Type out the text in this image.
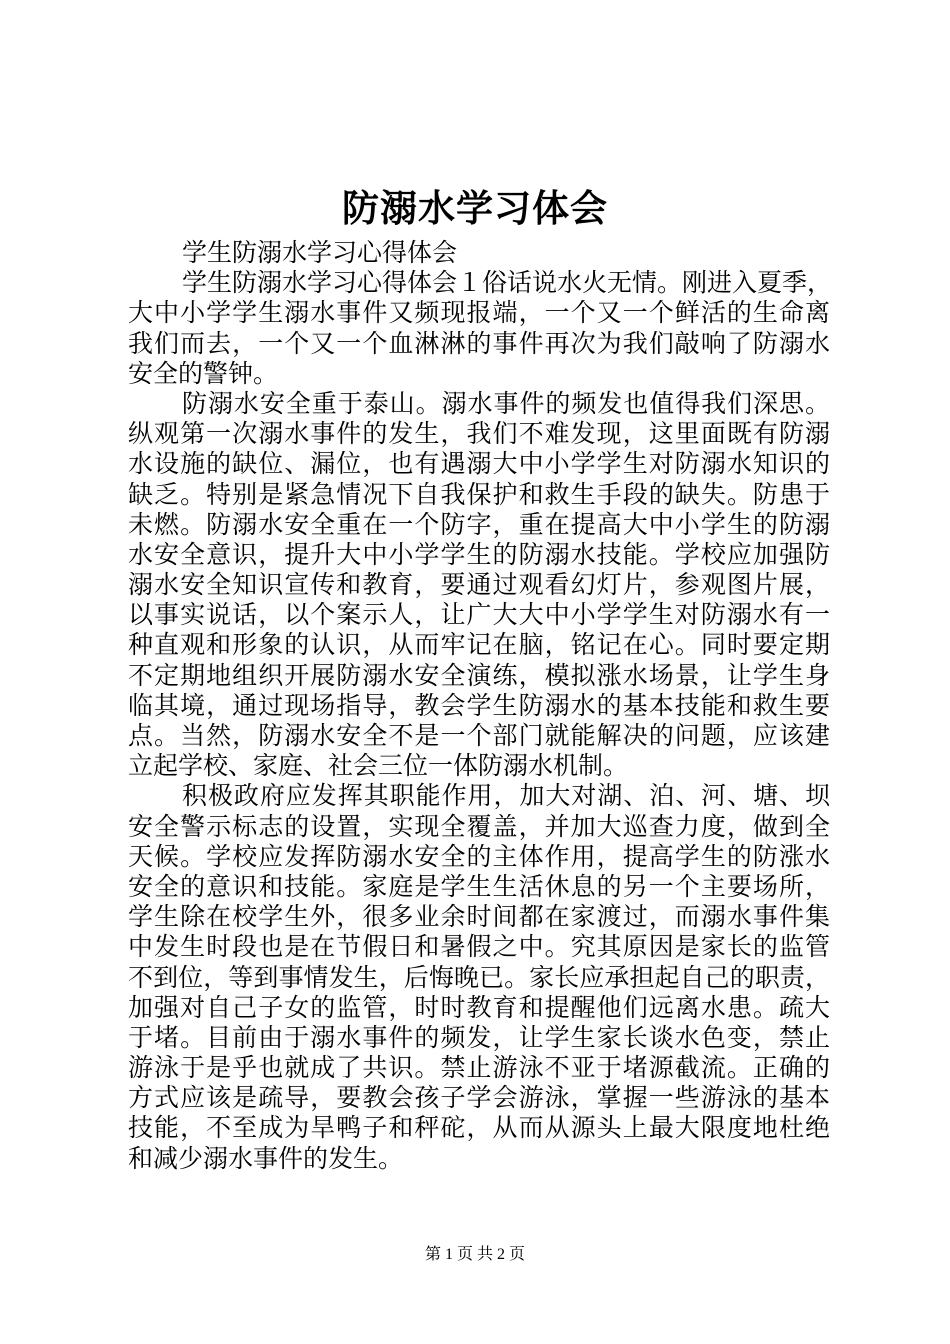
防溺水学习体会
学生防溺水学习心得体会
学生防溺水学习心得体会１俗话说水火无情。刚进入夏季，
大中小学学生溺水事件又频现报端，一个又一个鲜活的生命离
我们而去，一个又一个血淋淋的事件再次为我们敲响了防溺水
安全的警钟。
防溺水安全重于泰山。溺水事件的频发也值得我们深思。
纵观第一次溺水事件的发生，我们不难发现，这里面既有防溺
水设施的缺位、漏位，也有遇溺大中小学学生对防溺水知识的
缺乏。特别是紧急情况下自我保护和救生手段的缺失。防患于
未燃。防溺水安全重在一个防字，重在提高大中小学生的防溺
水安全意识，提升大中小学学生的防溺水技能。学校应加强防
溺水安全知识宣传和教育，要通过观看幻灯片，参观图片展，
以事实说话，以个案示人，让广大大中小学学生对防溺水有一
种直观和形象的认识，从而牢记在脑，铭记在心。同时要定期
不定期地组织开展防溺水安全演练，模拟涨水场景，让学生身
临其境，通过现场指导，教会学生防溺水的基本技能和救生要
点。当然，防溺水安全不是一个部门就能解决的问题，应该建
立起学校、家庭、社会三位一体防溺水机制。
积极政府应发挥其职能作用，加大对湖、泊、河、塘、坝
安全警示标志的设置，实现全覆盖，并加大巡查力度，做到全
天候。学校应发挥防溺水安全的主体作用，提高学生的防涨水
安全的意识和技能。家庭是学生生活休息的另一个主要场所，
学生除在校学生外，很多业余时间都在家渡过，而溺水事件集
中发生时段也是在节假日和暑假之中。究其原因是家长的监管
不到位，等到事情发生，后悔晚已。家长应承担起自己的职责，
加强对自己子女的监管，时时教育和提醒他们远离水患。疏大
于堵。目前由于溺水事件的频发，让学生家长谈水色变，禁止
游泳于是乎也就成了共识。禁止游泳不亚于堵源截流。正确的
方式应该是疏导，要教会孩子学会游泳，掌握一些游泳的基本
技能，不至成为旱鸭子和秤砣，从而从源头上最大限度地杜绝
和减少溺水事件的发生。
第 1 页 共 2 页
